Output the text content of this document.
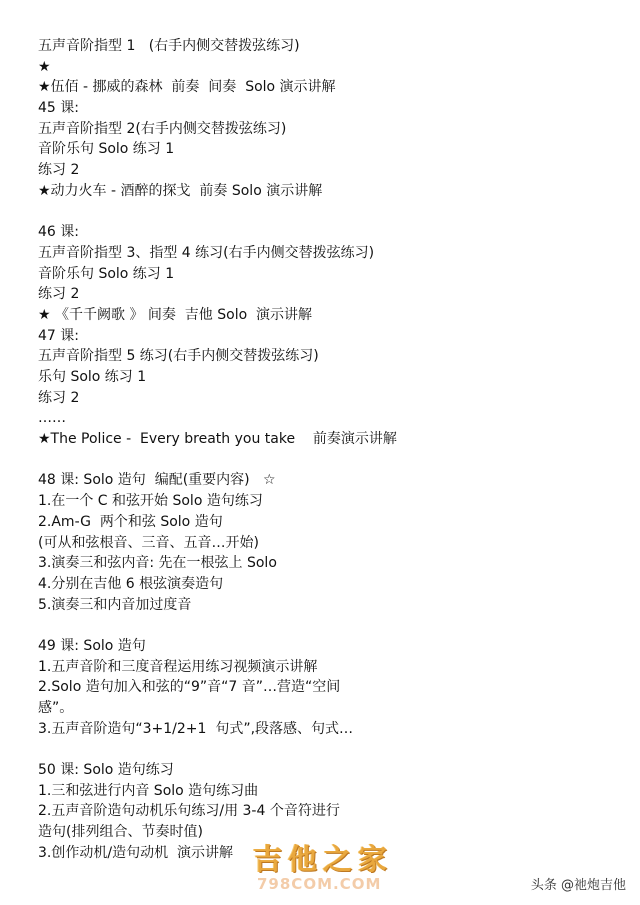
五声音阶指型 1   (右手内侧交替拨弦练习)
★
★伍佰 - 挪威的森林  前奏  间奏  Solo 演示讲解
45 课:
五声音阶指型 2(右手内侧交替拨弦练习)
音阶乐句 Solo 练习 1
练习 2
★动力火车 - 酒醉的探戈  前奏 Solo 演示讲解
46 课:
五声音阶指型 3、指型 4 练习(右手内侧交替拨弦练习)
音阶乐句 Solo 练习 1
练习 2
★ 《千千阙歌 》 间奏  吉他 Solo  演示讲解
47 课:
五声音阶指型 5 练习(右手内侧交替拨弦练习)
乐句 Solo 练习 1
练习 2
……
★The Police -  Every breath you take    前奏演示讲解
48 课: Solo 造句  编配(重要内容)   ☆
1.在一个 C 和弦开始 Solo 造句练习
2.Am-G  两个和弦 Solo 造句
(可从和弦根音、三音、五音…开始)
3.演奏三和弦内音: 先在一根弦上 Solo
4.分别在吉他 6 根弦演奏造句
5.演奏三和内音加过度音
49 课: Solo 造句
1.五声音阶和三度音程运用练习视频演示讲解
2.Solo 造句加入和弦的“9”音“7 音”…营造“空间
感”。
3.五声音阶造句“3+1/2+1  句式”,段落感、句式…
50 课: Solo 造句练习
1.三和弦进行内音 Solo 造句练习曲
2.五声音阶造句动机乐句练习/用 3-4 个音符进行
造句(排列组合、节奏时值)
3.创作动机/造句动机  演示讲解 吉他之家
798COM.COM	头条 @祂炮吉他
